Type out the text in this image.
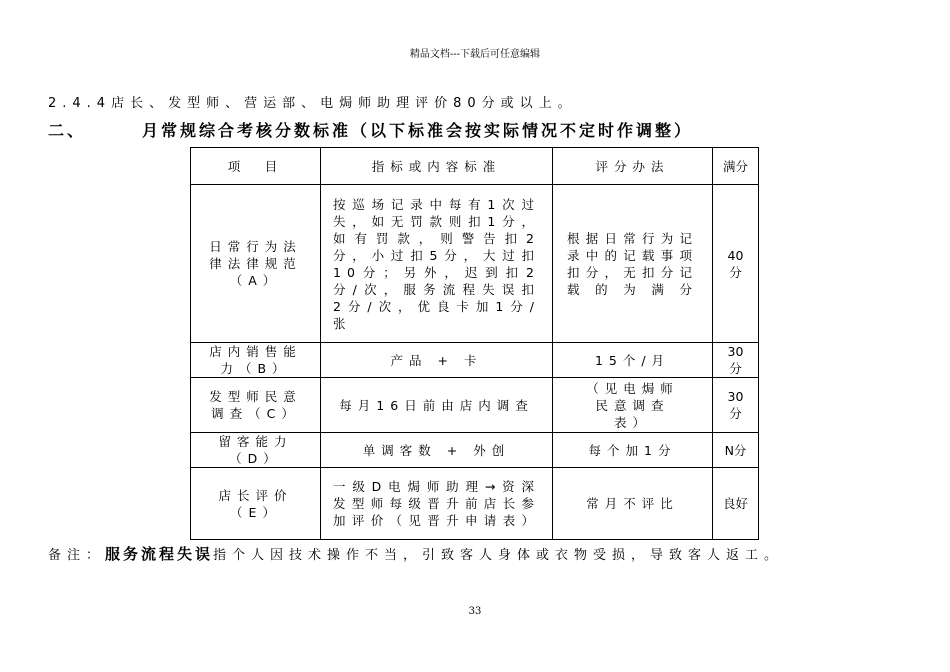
精品文档---下载后可任意编辑
2.4.4店长、发型师、营运部、电焗师助理评价80分或以上。
二、	月常规综合考核分数标准（以下标准会按实际情况不定时作调整）
项　目	指标或内容标准	评分办法	满分
日常行为法律法律规范（A）	按巡场记录中每有1次过失，如无罚款则扣1分，如有罚款，则警告扣2分，小过扣5分，大过扣10分；另外，迟到扣2分/次，服务流程失误扣2分/次，优良卡加1分/张	根据日常行为记录中的记载事项扣分，无扣分记载的为满分	40分
店内销售能力（B）	产品 + 卡	15个/月	30分
发型师民意调查（C）	每月16日前由店内调查	（见电焗师民意调查表）	30分
留客能力（D）	单调客数 + 外创	每个加1分	N分
店长评价（E）	一级D电焗师助理→资深发型师每级晋升前店长参加评价（见晋升申请表）	常月不评比	良好
备注：服务流程失误指个人因技术操作不当，引致客人身体或衣物受损，导致客人返工。
33
